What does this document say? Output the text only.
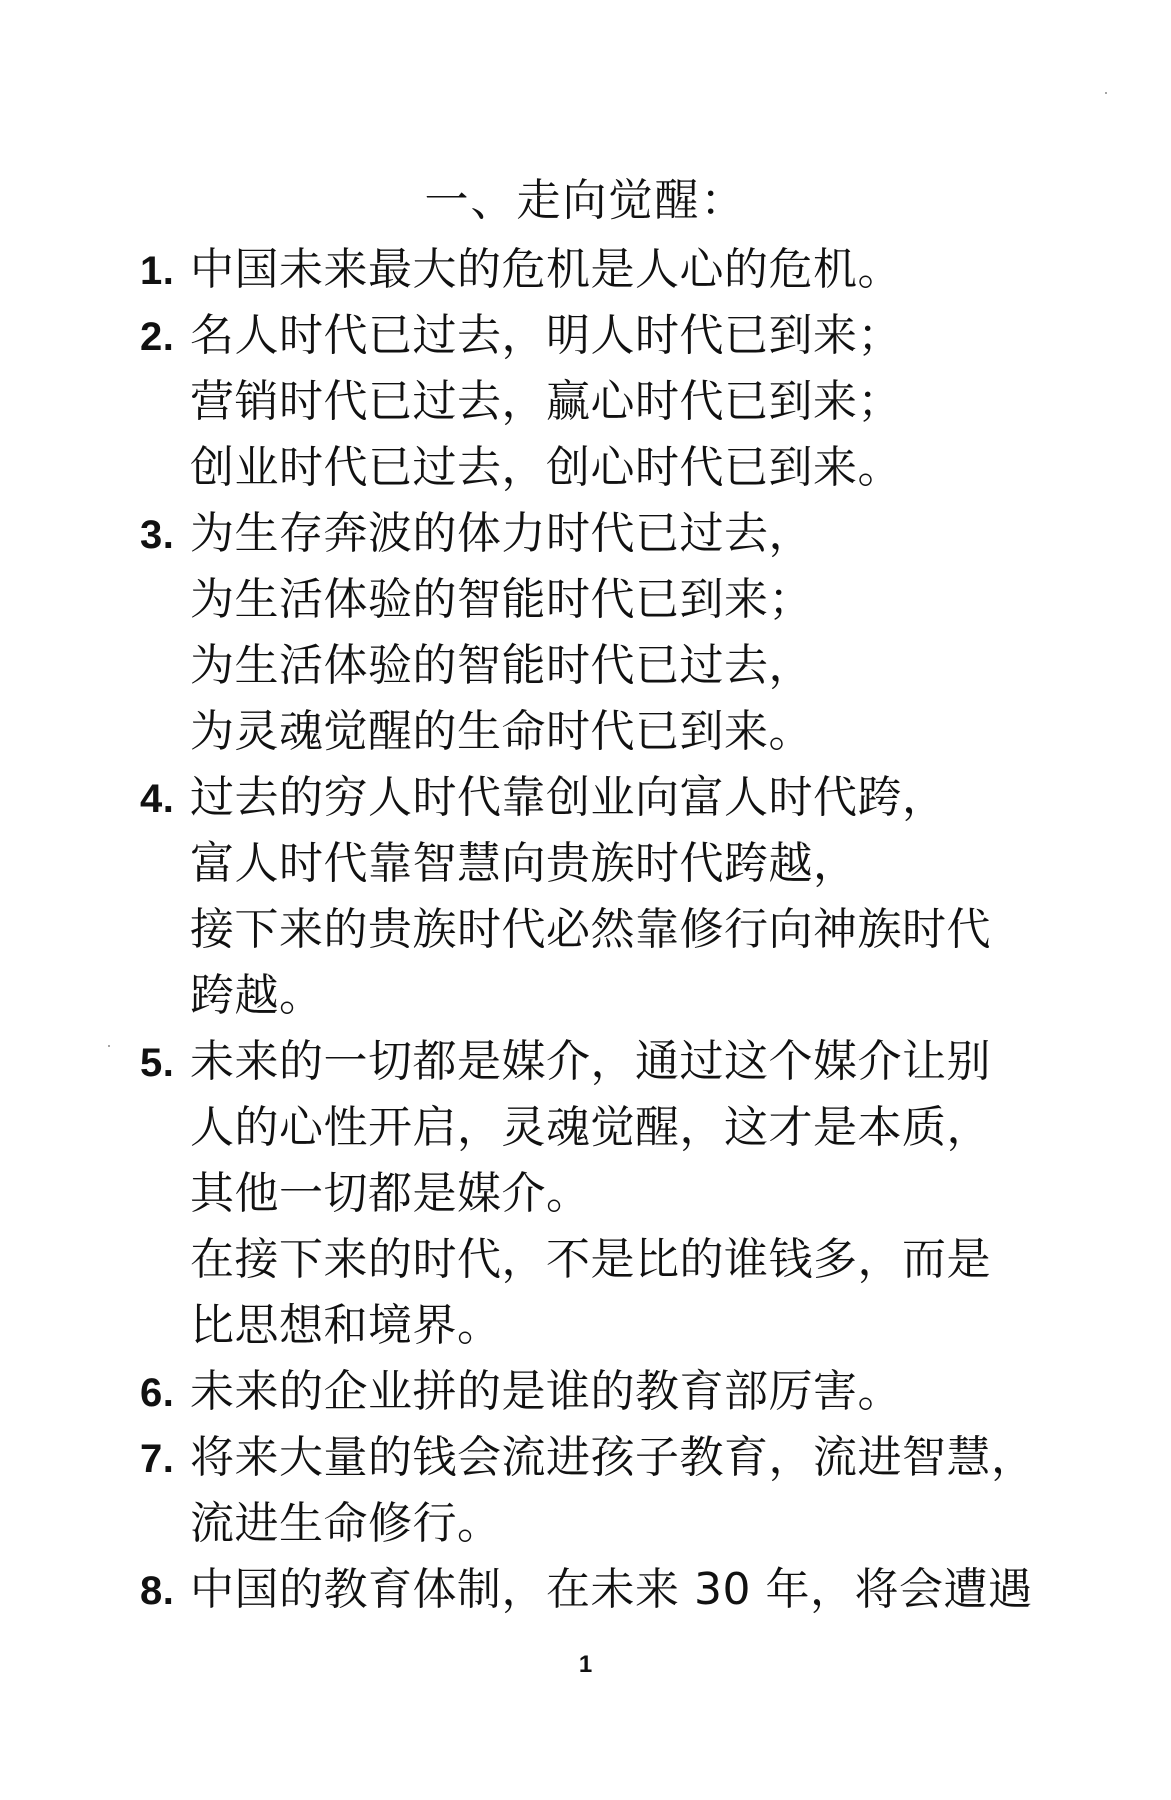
一、走向觉醒：
1. 中国未来最大的危机是人心的危机。
2. 名人时代已过去，明人时代已到来；
营销时代已过去，赢心时代已到来；
创业时代已过去，创心时代已到来。
3. 为生存奔波的体力时代已过去，
为生活体验的智能时代已到来；
为生活体验的智能时代已过去，
为灵魂觉醒的生命时代已到来。
4. 过去的穷人时代靠创业向富人时代跨，
富人时代靠智慧向贵族时代跨越，
接下来的贵族时代必然靠修行向神族时代
跨越。
5. 未来的一切都是媒介，通过这个媒介让别
人的心性开启，灵魂觉醒，这才是本质，
其他一切都是媒介。
在接下来的时代，不是比的谁钱多，而是
比思想和境界。
6. 未来的企业拼的是谁的教育部厉害。
7. 将来大量的钱会流进孩子教育，流进智慧，
流进生命修行。
8. 中国的教育体制，在未来 30 年，将会遭遇
1
